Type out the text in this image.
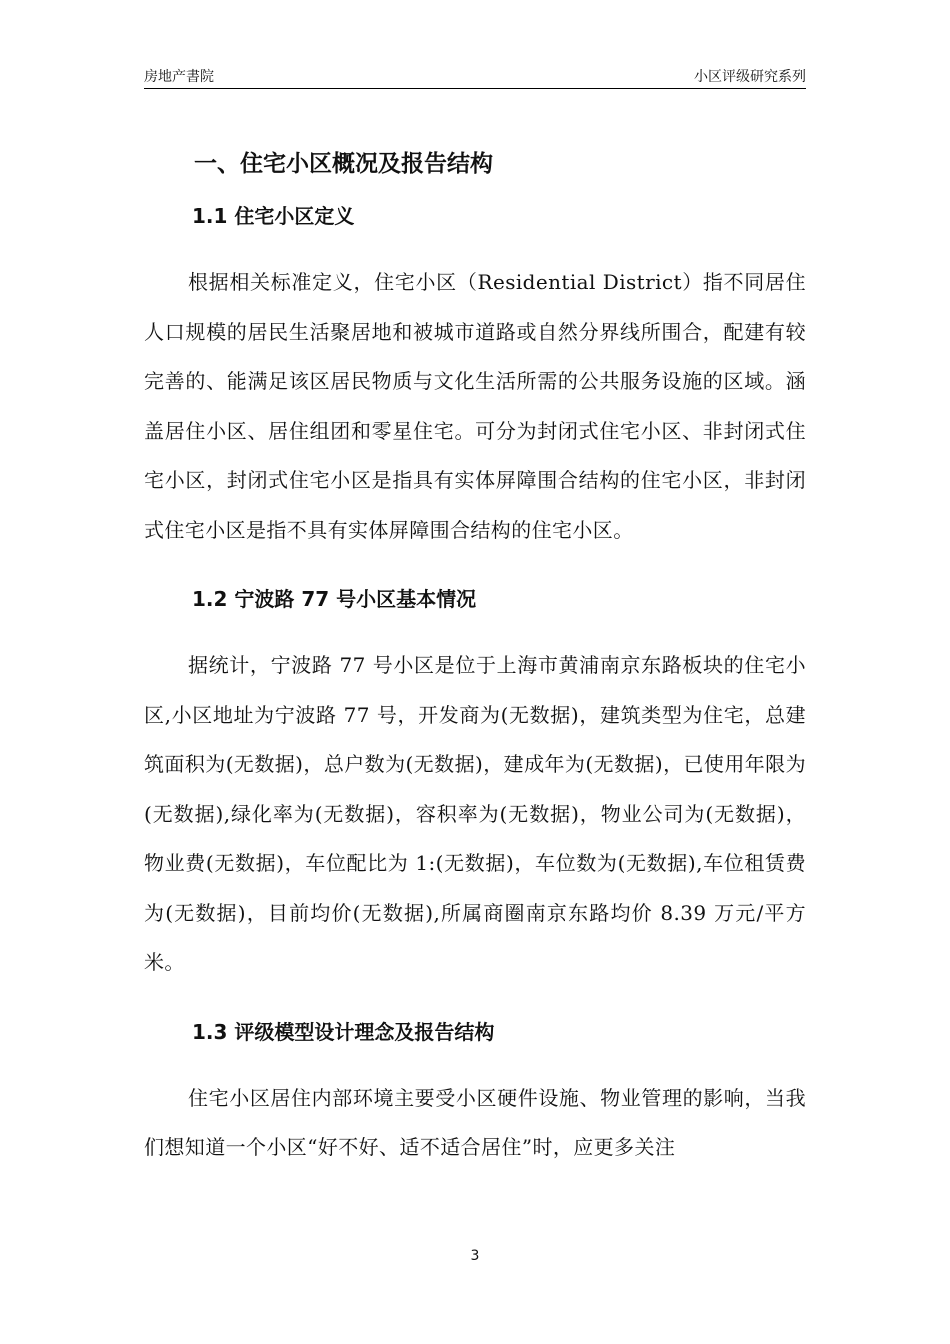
房地产書院	小区评级研究系列
一、住宅小区概况及报告结构
1.1 住宅小区定义

根据相关标准定义，住宅小区（Residential District）指不同居住人口规模的居民生活聚居地和被城市道路或自然分界线所围合，配建有较完善的、能满足该区居民物质与文化生活所需的公共服务设施的区域。涵盖居住小区、居住组团和零星住宅。可分为封闭式住宅小区、非封闭式住宅小区，封闭式住宅小区是指具有实体屏障围合结构的住宅小区，非封闭式住宅小区是指不具有实体屏障围合结构的住宅小区。

1.2 宁波路 77 号小区基本情况

据统计，宁波路 77 号小区是位于上海市黄浦南京东路板块的住宅小区,小区地址为宁波路 77 号，开发商为(无数据)，建筑类型为住宅，总建筑面积为(无数据)，总户数为(无数据)，建成年为(无数据)，已使用年限为(无数据),绿化率为(无数据)，容积率为(无数据)，物业公司为(无数据)，物业费(无数据)，车位配比为 1:(无数据)，车位数为(无数据),车位租赁费为(无数据)，目前均价(无数据),所属商圈南京东路均价 8.39 万元/平方米。

1.3 评级模型设计理念及报告结构

住宅小区居住内部环境主要受小区硬件设施、物业管理的影响，当我们想知道一个小区“好不好、适不适合居住”时，应更多关注

3
